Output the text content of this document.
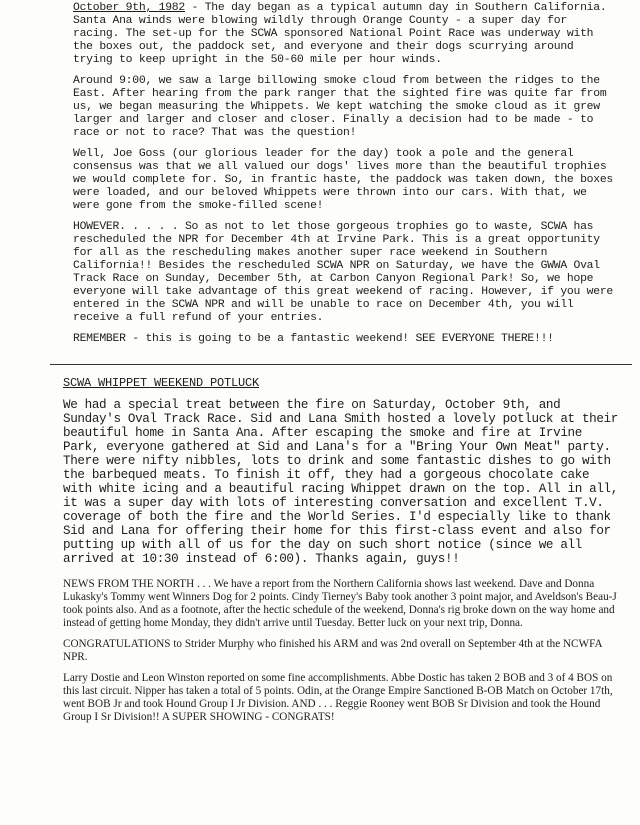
October 9th, 1982 - The day began as a typical autumn day in Southern California. Santa Ana winds were blowing wildly through Orange County - a super day for racing. The set-up for the SCWA sponsored National Point Race was underway with the boxes out, the paddock set, and everyone and their dogs scurrying around trying to keep upright in the 50-60 mile per hour winds.

Around 9:00, we saw a large billowing smoke cloud from between the ridges to the East. After hearing from the park ranger that the sighted fire was quite far from us, we began measuring the Whippets. We kept watching the smoke cloud as it grew larger and larger and closer and closer. Finally a decision had to be made - to race or not to race? That was the question!

Well, Joe Goss (our glorious leader for the day) took a pole and the general consensus was that we all valued our dogs' lives more than the beautiful trophies we would complete for. So, in frantic haste, the paddock was taken down, the boxes were loaded, and our beloved Whippets were thrown into our cars. With that, we were gone from the smoke-filled scene!

HOWEVER. . . . . So as not to let those gorgeous trophies go to waste, SCWA has rescheduled the NPR for December 4th at Irvine Park. This is a great opportunity for all as the rescheduling makes another super race weekend in Southern California!! Besides the rescheduled SCWA NPR on Saturday, we have the GWWA Oval Track Race on Sunday, December 5th, at Carbon Canyon Regional Park! So, we hope everyone will take advantage of this great weekend of racing. However, if you were entered in the SCWA NPR and will be unable to race on December 4th, you will receive a full refund of your entries.

REMEMBER - this is going to be a fantastic weekend! SEE EVERYONE THERE!!!

SCWA WHIPPET WEEKEND POTLUCK

We had a special treat between the fire on Saturday, October 9th, and Sunday's Oval Track Race. Sid and Lana Smith hosted a lovely potluck at their beautiful home in Santa Ana. After escaping the smoke and fire at Irvine Park, everyone gathered at Sid and Lana's for a "Bring Your Own Meat" party. There were nifty nibbles, lots to drink and some fantastic dishes to go with the barbequed meats. To finish it off, they had a gorgeous chocolate cake with white icing and a beautiful racing Whippet drawn on the top. All in all, it was a super day with lots of interesting conversation and excellent T.V. coverage of both the fire and the World Series. I'd especially like to thank Sid and Lana for offering their home for this first-class event and also for putting up with all of us for the day on such short notice (since we all arrived at 10:30 instead of 6:00). Thanks again, guys!!

NEWS FROM THE NORTH . . . We have a report from the Northern California shows last weekend. Dave and Donna Lukasky's Tommy went Winners Dog for 2 points. Cindy Tierney's Baby took another 3 point major, and Aveldson's Beau-J took points also. And as a footnote, after the hectic schedule of the weekend, Donna's rig broke down on the way home and instead of getting home Monday, they didn't arrive until Tuesday. Better luck on your next trip, Donna.

CONGRATULATIONS to Strider Murphy who finished his ARM and was 2nd overall on September 4th at the NCWFA NPR.

Larry Dostie and Leon Winston reported on some fine accomplishments. Abbe Dostic has taken 2 BOB and 3 of 4 BOS on this last circuit. Nipper has taken a total of 5 points. Odin, at the Orange Empire Sanctioned B-OB Match on October 17th, went BOB Jr and took Hound Group I Jr Division. AND . . . Reggie Rooney went BOB Sr Division and took the Hound Group I Sr Division!! A SUPER SHOWING - CONGRATS!
